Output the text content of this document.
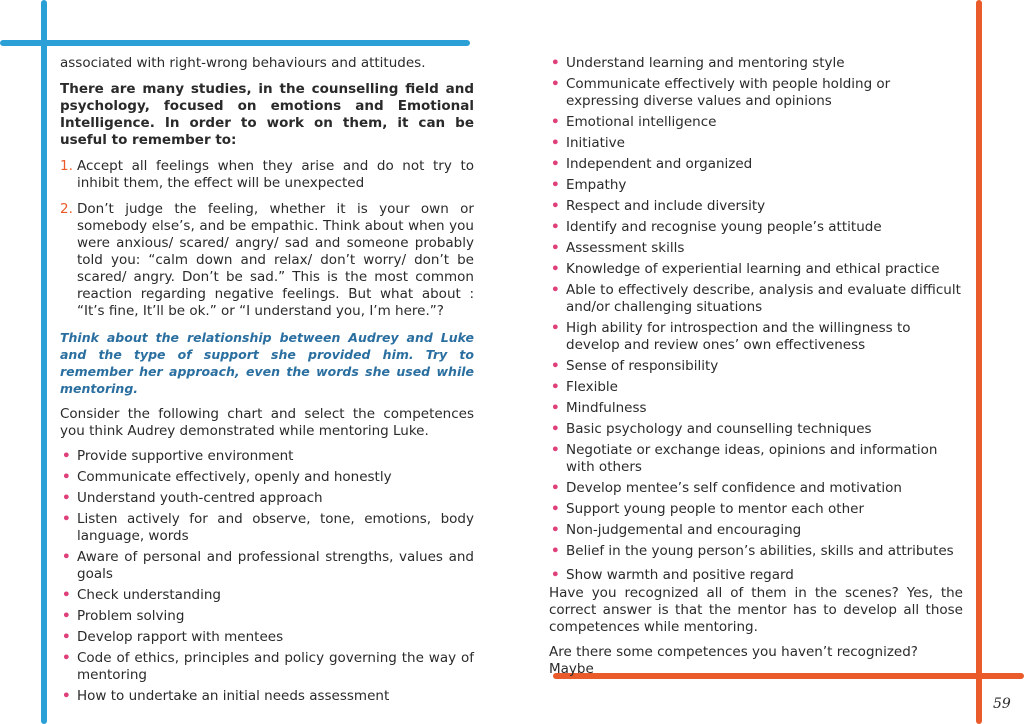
associated with right-wrong behaviours and attitudes.

There are many studies, in the counselling field and psychology, focused on emotions and Emotional Intelligence. In order to work on them, it can be useful to remember to:

1. Accept all feelings when they arise and do not try to inhibit them, the effect will be unexpected
2. Don’t judge the feeling, whether it is your own or somebody else’s, and be empathic. Think about when you were anxious/ scared/ angry/ sad and someone probably told you: “calm down and relax/ don’t worry/ don’t be scared/ angry. Don’t be sad.” This is the most common reaction regarding negative feelings. But what about : “It’s fine, It’ll be ok.” or “I understand you, I’m here.”?

Think about the relationship between Audrey and Luke and the type of support she provided him. Try to remember her approach, even the words she used while mentoring.

Consider the following chart and select the competences you think Audrey demonstrated while mentoring Luke.

• Provide supportive environment
• Communicate effectively, openly and honestly
• Understand youth-centred approach
• Listen actively for and observe, tone, emotions, body language, words
• Aware of personal and professional strengths, values and goals
• Check understanding
• Problem solving
• Develop rapport with mentees
• Code of ethics, principles and policy governing the way of mentoring
• How to undertake an initial needs assessment
• Understand learning and mentoring style
• Communicate effectively with people holding or expressing diverse values and opinions
• Emotional intelligence
• Initiative
• Independent and organized
• Empathy
• Respect and include diversity
• Identify and recognise young people’s attitude
• Assessment skills
• Knowledge of experiential learning and ethical practice
• Able to effectively describe, analysis and evaluate difficult and/or challenging situations
• High ability for introspection and the willingness to develop and review ones’ own effectiveness
• Sense of responsibility
• Flexible
• Mindfulness
• Basic psychology and counselling techniques
• Negotiate or exchange ideas, opinions and information with others
• Develop mentee’s self confidence and motivation
• Support young people to mentor each other
• Non-judgemental and encouraging
• Belief in the young person’s abilities, skills and attributes
• Show warmth and positive regard

Have you recognized all of them in the scenes? Yes, the correct answer is that the mentor has to develop all those competences while mentoring.

Are there some competences you haven’t recognized? Maybe

59
